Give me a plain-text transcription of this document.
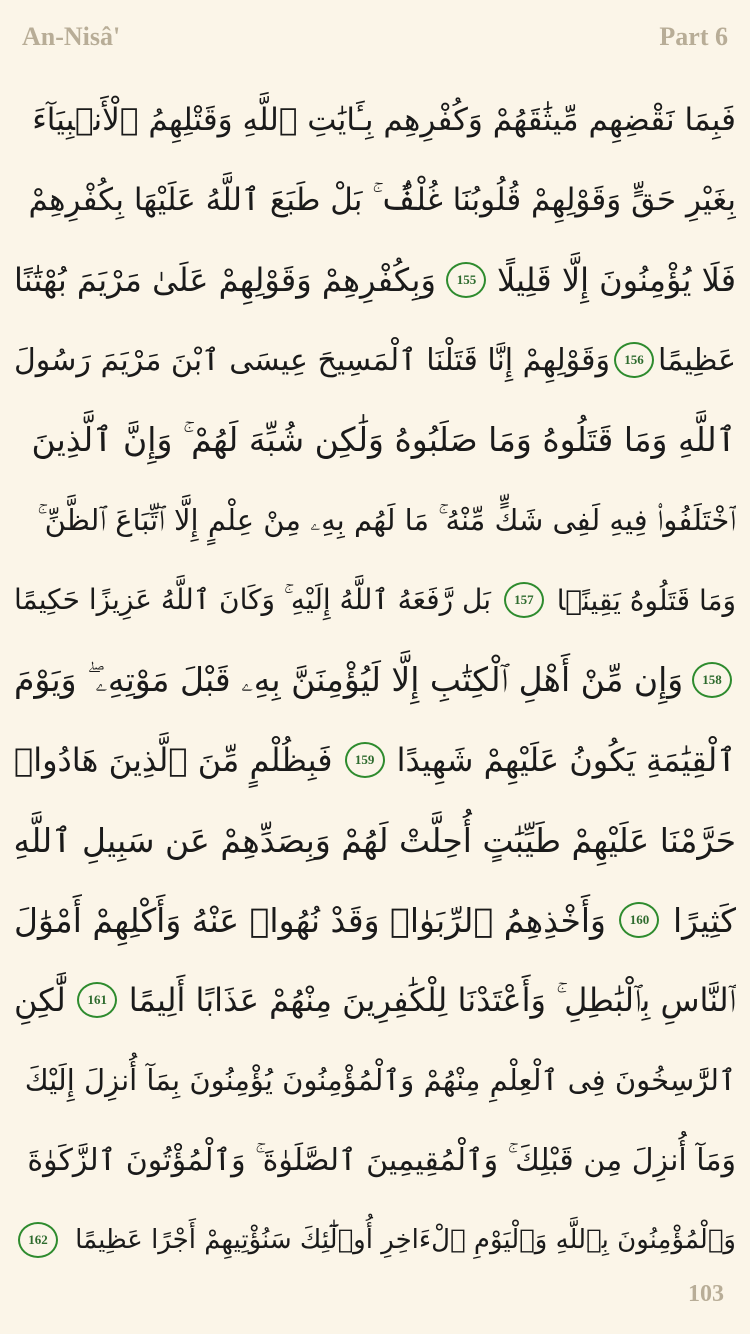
An-Nisâ'	Part 6
فَبِمَا نَقْضِهِم مِّيثَٰقَهُمْ وَكُفْرِهِم بِـَٔايَٰتِ ٱللَّهِ وَقَتْلِهِمُ ٱلْأَنۢبِيَآءَ
بِغَيْرِ حَقٍّ وَقَوْلِهِمْ قُلُوبُنَا غُلْفٌۢ ۚ بَلْ طَبَعَ ٱللَّهُ عَلَيْهَا بِكُفْرِهِمْ
فَلَا يُؤْمِنُونَ إِلَّا قَلِيلًا
155
وَبِكُفْرِهِمْ وَقَوْلِهِمْ عَلَىٰ مَرْيَمَ بُهْتَٰنًا
عَظِيمًا
156
وَقَوْلِهِمْ إِنَّا قَتَلْنَا ٱلْمَسِيحَ عِيسَى ٱبْنَ مَرْيَمَ رَسُولَ
ٱللَّهِ وَمَا قَتَلُوهُ وَمَا صَلَبُوهُ وَلَٰكِن شُبِّهَ لَهُمْ ۚ وَإِنَّ ٱلَّذِينَ
ٱخْتَلَفُوا۟ فِيهِ لَفِى شَكٍّ مِّنْهُ ۚ مَا لَهُم بِهِۦ مِنْ عِلْمٍ إِلَّا ٱتِّبَاعَ ٱلظَّنِّ ۚ
وَمَا قَتَلُوهُ يَقِينًۢا
157
بَل رَّفَعَهُ ٱللَّهُ إِلَيْهِ ۚ وَكَانَ ٱللَّهُ عَزِيزًا حَكِيمًا
158
وَإِن مِّنْ أَهْلِ ٱلْكِتَٰبِ إِلَّا لَيُؤْمِنَنَّ بِهِۦ قَبْلَ مَوْتِهِۦ ۖ وَيَوْمَ
ٱلْقِيَٰمَةِ يَكُونُ عَلَيْهِمْ شَهِيدًا
159
فَبِظُلْمٍ مِّنَ ٱلَّذِينَ هَادُوا۟
حَرَّمْنَا عَلَيْهِمْ طَيِّبَٰتٍ أُحِلَّتْ لَهُمْ وَبِصَدِّهِمْ عَن سَبِيلِ ٱللَّهِ
كَثِيرًا
160
وَأَخْذِهِمُ ٱلرِّبَوٰا۟ وَقَدْ نُهُوا۟ عَنْهُ وَأَكْلِهِمْ أَمْوَٰلَ
ٱلنَّاسِ بِٱلْبَٰطِلِ ۚ وَأَعْتَدْنَا لِلْكَٰفِرِينَ مِنْهُمْ عَذَابًا أَلِيمًا
161
لَّٰكِنِ
ٱلرَّٰسِخُونَ فِى ٱلْعِلْمِ مِنْهُمْ وَٱلْمُؤْمِنُونَ يُؤْمِنُونَ بِمَآ أُنزِلَ إِلَيْكَ
وَمَآ أُنزِلَ مِن قَبْلِكَ ۚ وَٱلْمُقِيمِينَ ٱلصَّلَوٰةَ ۚ وَٱلْمُؤْتُونَ ٱلزَّكَوٰةَ
وَٱلْمُؤْمِنُونَ بِٱللَّهِ وَٱلْيَوْمِ ٱلْءَاخِرِ أُو۟لَٰٓئِكَ سَنُؤْتِيهِمْ أَجْرًا عَظِيمًا
162
103
